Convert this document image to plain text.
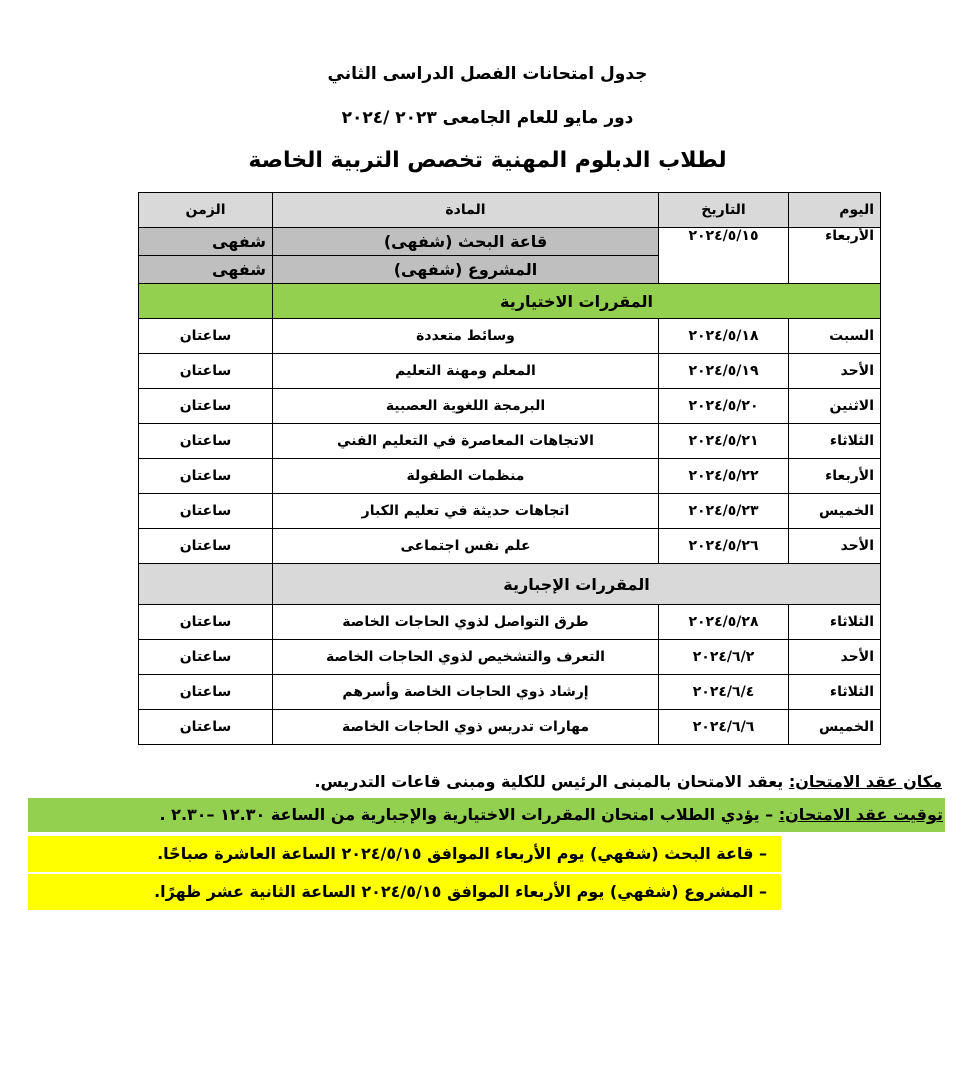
جدول امتحانات الفصل الدراسى الثاني
دور مايو للعام الجامعى ٢٠٢٣ /٢٠٢٤
لطلاب الدبلوم المهنية تخصص التربية الخاصة
اليوم	التاريخ	المادة	الزمن
الأربعاء	٢٠٢٤/٥/١٥	قاعة البحث (شفهى)	شفهى
		المشروع (شفهى)	شفهى
المقررات الاختيارية			
السبت	٢٠٢٤/٥/١٨	وسائط متعددة	ساعتان
الأحد	٢٠٢٤/٥/١٩	المعلم ومهنة التعليم	ساعتان
الاثنين	٢٠٢٤/٥/٢٠	البرمجة اللغوية العصبية	ساعتان
الثلاثاء	٢٠٢٤/٥/٢١	الاتجاهات المعاصرة في التعليم الفني	ساعتان
الأربعاء	٢٠٢٤/٥/٢٢	منظمات الطفولة	ساعتان
الخميس	٢٠٢٤/٥/٢٣	اتجاهات حديثة في تعليم الكبار	ساعتان
الأحد	٢٠٢٤/٥/٢٦	علم نفس اجتماعى	ساعتان
المقررات الإجبارية			
الثلاثاء	٢٠٢٤/٥/٢٨	طرق التواصل لذوي الحاجات الخاصة	ساعتان
الأحد	٢٠٢٤/٦/٢	التعرف والتشخيص لذوي الحاجات الخاصة	ساعتان
الثلاثاء	٢٠٢٤/٦/٤	إرشاد ذوي الحاجات الخاصة وأسرهم	ساعتان
الخميس	٢٠٢٤/٦/٦	مهارات تدريس ذوي الحاجات الخاصة	ساعتان
مكان عقد الامتحان: يعقد الامتحان بالمبنى الرئيس للكلية ومبنى قاعات التدريس.
توقيت عقد الامتحان: – يؤدي الطلاب امتحان المقررات الاختيارية والإجبارية من الساعة ١٢.٣٠ –٢.٣٠ .
– قاعة البحث (شفهي) يوم الأربعاء الموافق ٢٠٢٤/٥/١٥ الساعة العاشرة صباحًا.
– المشروع (شفهي) يوم الأربعاء الموافق ٢٠٢٤/٥/١٥ الساعة الثانية عشر ظهرًا.
